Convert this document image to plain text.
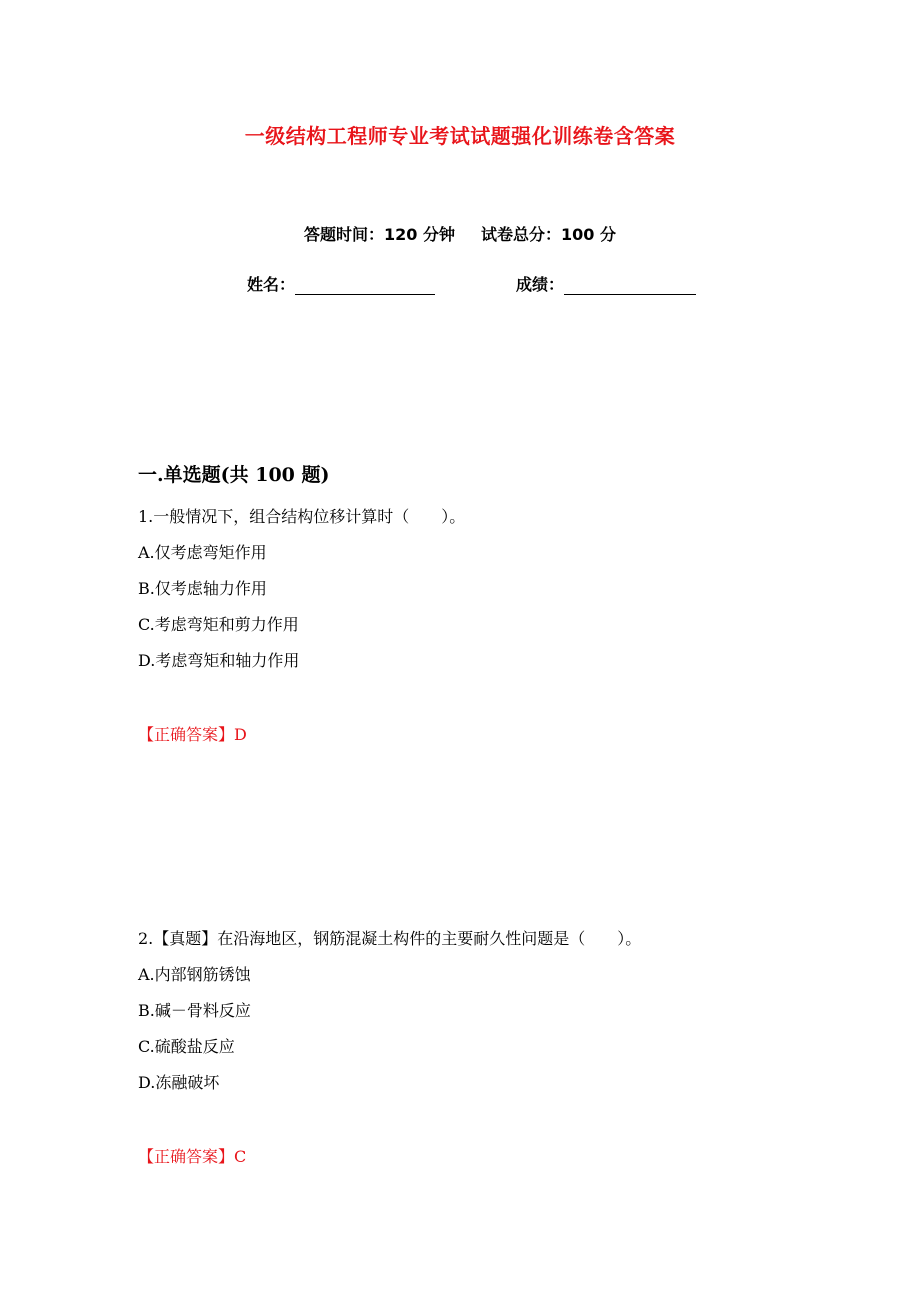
一级结构工程师专业考试试题强化训练卷含答案
答题时间：120 分钟 试卷总分：100 分
姓名：	成绩：
一.单选题(共 100 题)
1.一般情况下，组合结构位移计算时（　　）。
A.仅考虑弯矩作用
B.仅考虑轴力作用
C.考虑弯矩和剪力作用
D.考虑弯矩和轴力作用
【正确答案】D
2.【真题】在沿海地区，钢筋混凝土构件的主要耐久性问题是（　　）。
A.内部钢筋锈蚀
B.碱－骨料反应
C.硫酸盐反应
D.冻融破坏
【正确答案】C
